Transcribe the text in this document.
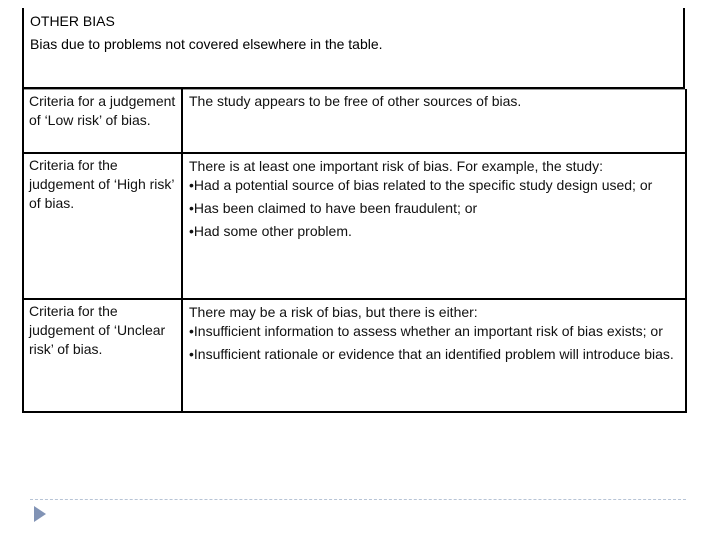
OTHER BIAS
Bias due to problems not covered elsewhere in the table.
Criteria for a judgement of ‘Low risk’ of bias.	The study appears to be free of other sources of bias.
Criteria for the judgement of ‘High risk’ of bias.	There is at least one important risk of bias. For example, the study:
•Had a potential source of bias related to the specific study design used; or
•Has been claimed to have been fraudulent; or
•Had some other problem.

Criteria for the judgement of ‘Unclear risk’ of bias.	There may be a risk of bias, but there is either:
•Insufficient information to assess whether an important risk of bias exists; or
•Insufficient rationale or evidence that an identified problem will introduce bias.
